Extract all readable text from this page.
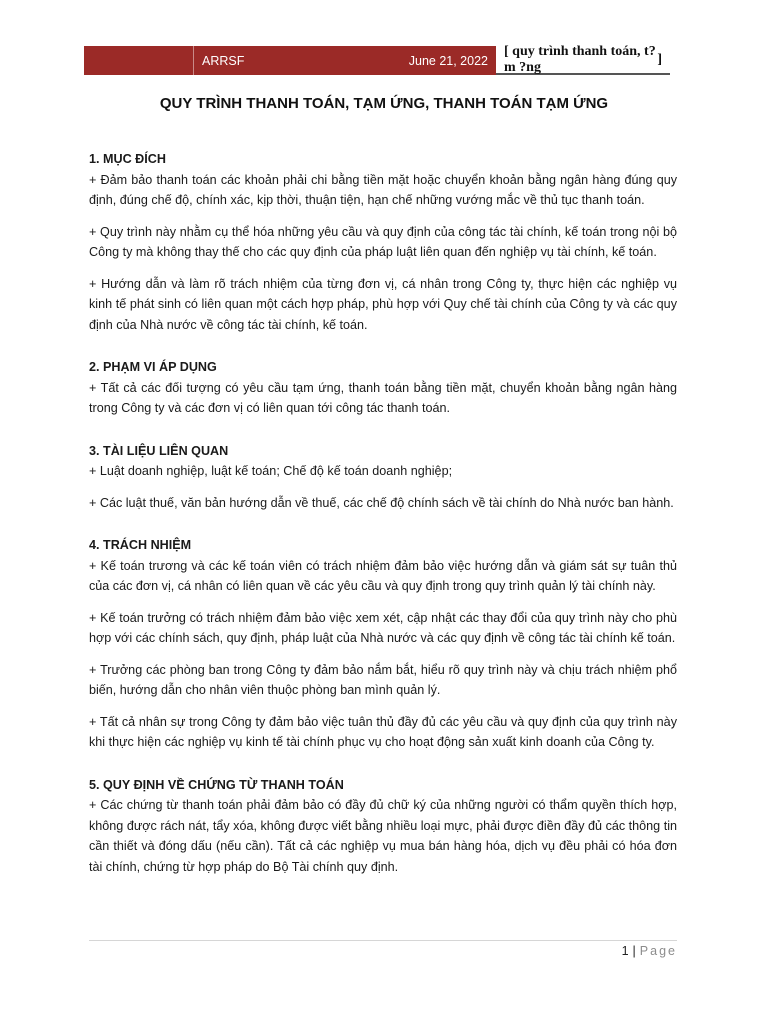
ARRSF	June 21, 2022
[ quy trình thanh toán, t?m ?ng
]
QUY TRÌNH THANH TOÁN, TẠM ỨNG, THANH TOÁN TẠM ỨNG

1. MỤC ĐÍCH

+ Đảm bảo thanh toán các khoản phải chi bằng tiền mặt hoặc chuyển khoản bằng ngân hàng đúng quy định, đúng chế độ, chính xác, kịp thời, thuận tiện, hạn chế những vướng mắc về thủ tục thanh toán.

+ Quy trình này nhằm cụ thể hóa những yêu cầu và quy định của công tác tài chính, kế toán trong nội bộ Công ty mà không thay thế cho các quy định của pháp luật liên quan đến nghiệp vụ tài chính, kế toán.

+ Hướng dẫn và làm rõ trách nhiệm của từng đơn vị, cá nhân trong Công ty, thực hiện các nghiệp vụ kinh tế phát sinh có liên quan một cách hợp pháp, phù hợp với Quy chế tài chính của Công ty và các quy định của Nhà nước về công tác tài chính, kế toán.

2. PHẠM VI ÁP DỤNG

+ Tất cả các đối tượng có yêu cầu tạm ứng, thanh toán bằng tiền mặt, chuyển khoản bằng ngân hàng trong Công ty và các đơn vị có liên quan tới công tác thanh toán.

3. TÀI LIỆU LIÊN QUAN

+ Luật doanh nghiệp, luật kế toán; Chế độ kế toán doanh nghiệp;

+ Các luật thuế, văn bản hướng dẫn về thuế, các chế độ chính sách về tài chính do Nhà nước ban hành.

4. TRÁCH NHIỆM

+ Kế toán trương và các kế toán viên có trách nhiệm đảm bảo việc hướng dẫn và giám sát sự tuân thủ của các đơn vị, cá nhân có liên quan về các yêu cầu và quy định trong quy trình quản lý tài chính này.

+ Kế toán trưởng có trách nhiệm đảm bảo việc xem xét, cập nhật các thay đổi của quy trình này cho phù hợp với các chính sách, quy định, pháp luật của Nhà nước và các quy định về công tác tài chính kế toán.

+ Trưởng các phòng ban trong Công ty đảm bảo nắm bắt, hiểu rõ quy trình này và chịu trách nhiệm phổ biến, hướng dẫn cho nhân viên thuộc phòng ban mình quản lý.

+ Tất cả nhân sự trong Công ty đảm bảo việc tuân thủ đầy đủ các yêu cầu và quy định của quy trình này khi thực hiện các nghiệp vụ kinh tế tài chính phục vụ cho hoạt động sản xuất kinh doanh của Công ty.

5. QUY ĐỊNH VỀ CHỨNG TỪ THANH TOÁN

+ Các chứng từ thanh toán phải đảm bảo có đầy đủ chữ ký của những người có thẩm quyền thích hợp, không được rách nát, tẩy xóa, không được viết bằng nhiều loại mực, phải được điền đầy đủ các thông tin cần thiết và đóng dấu (nếu cần). Tất cả các nghiệp vụ mua bán hàng hóa, dịch vụ đều phải có hóa đơn tài chính, chứng từ hợp pháp do Bộ Tài chính quy định.

1 | Page
